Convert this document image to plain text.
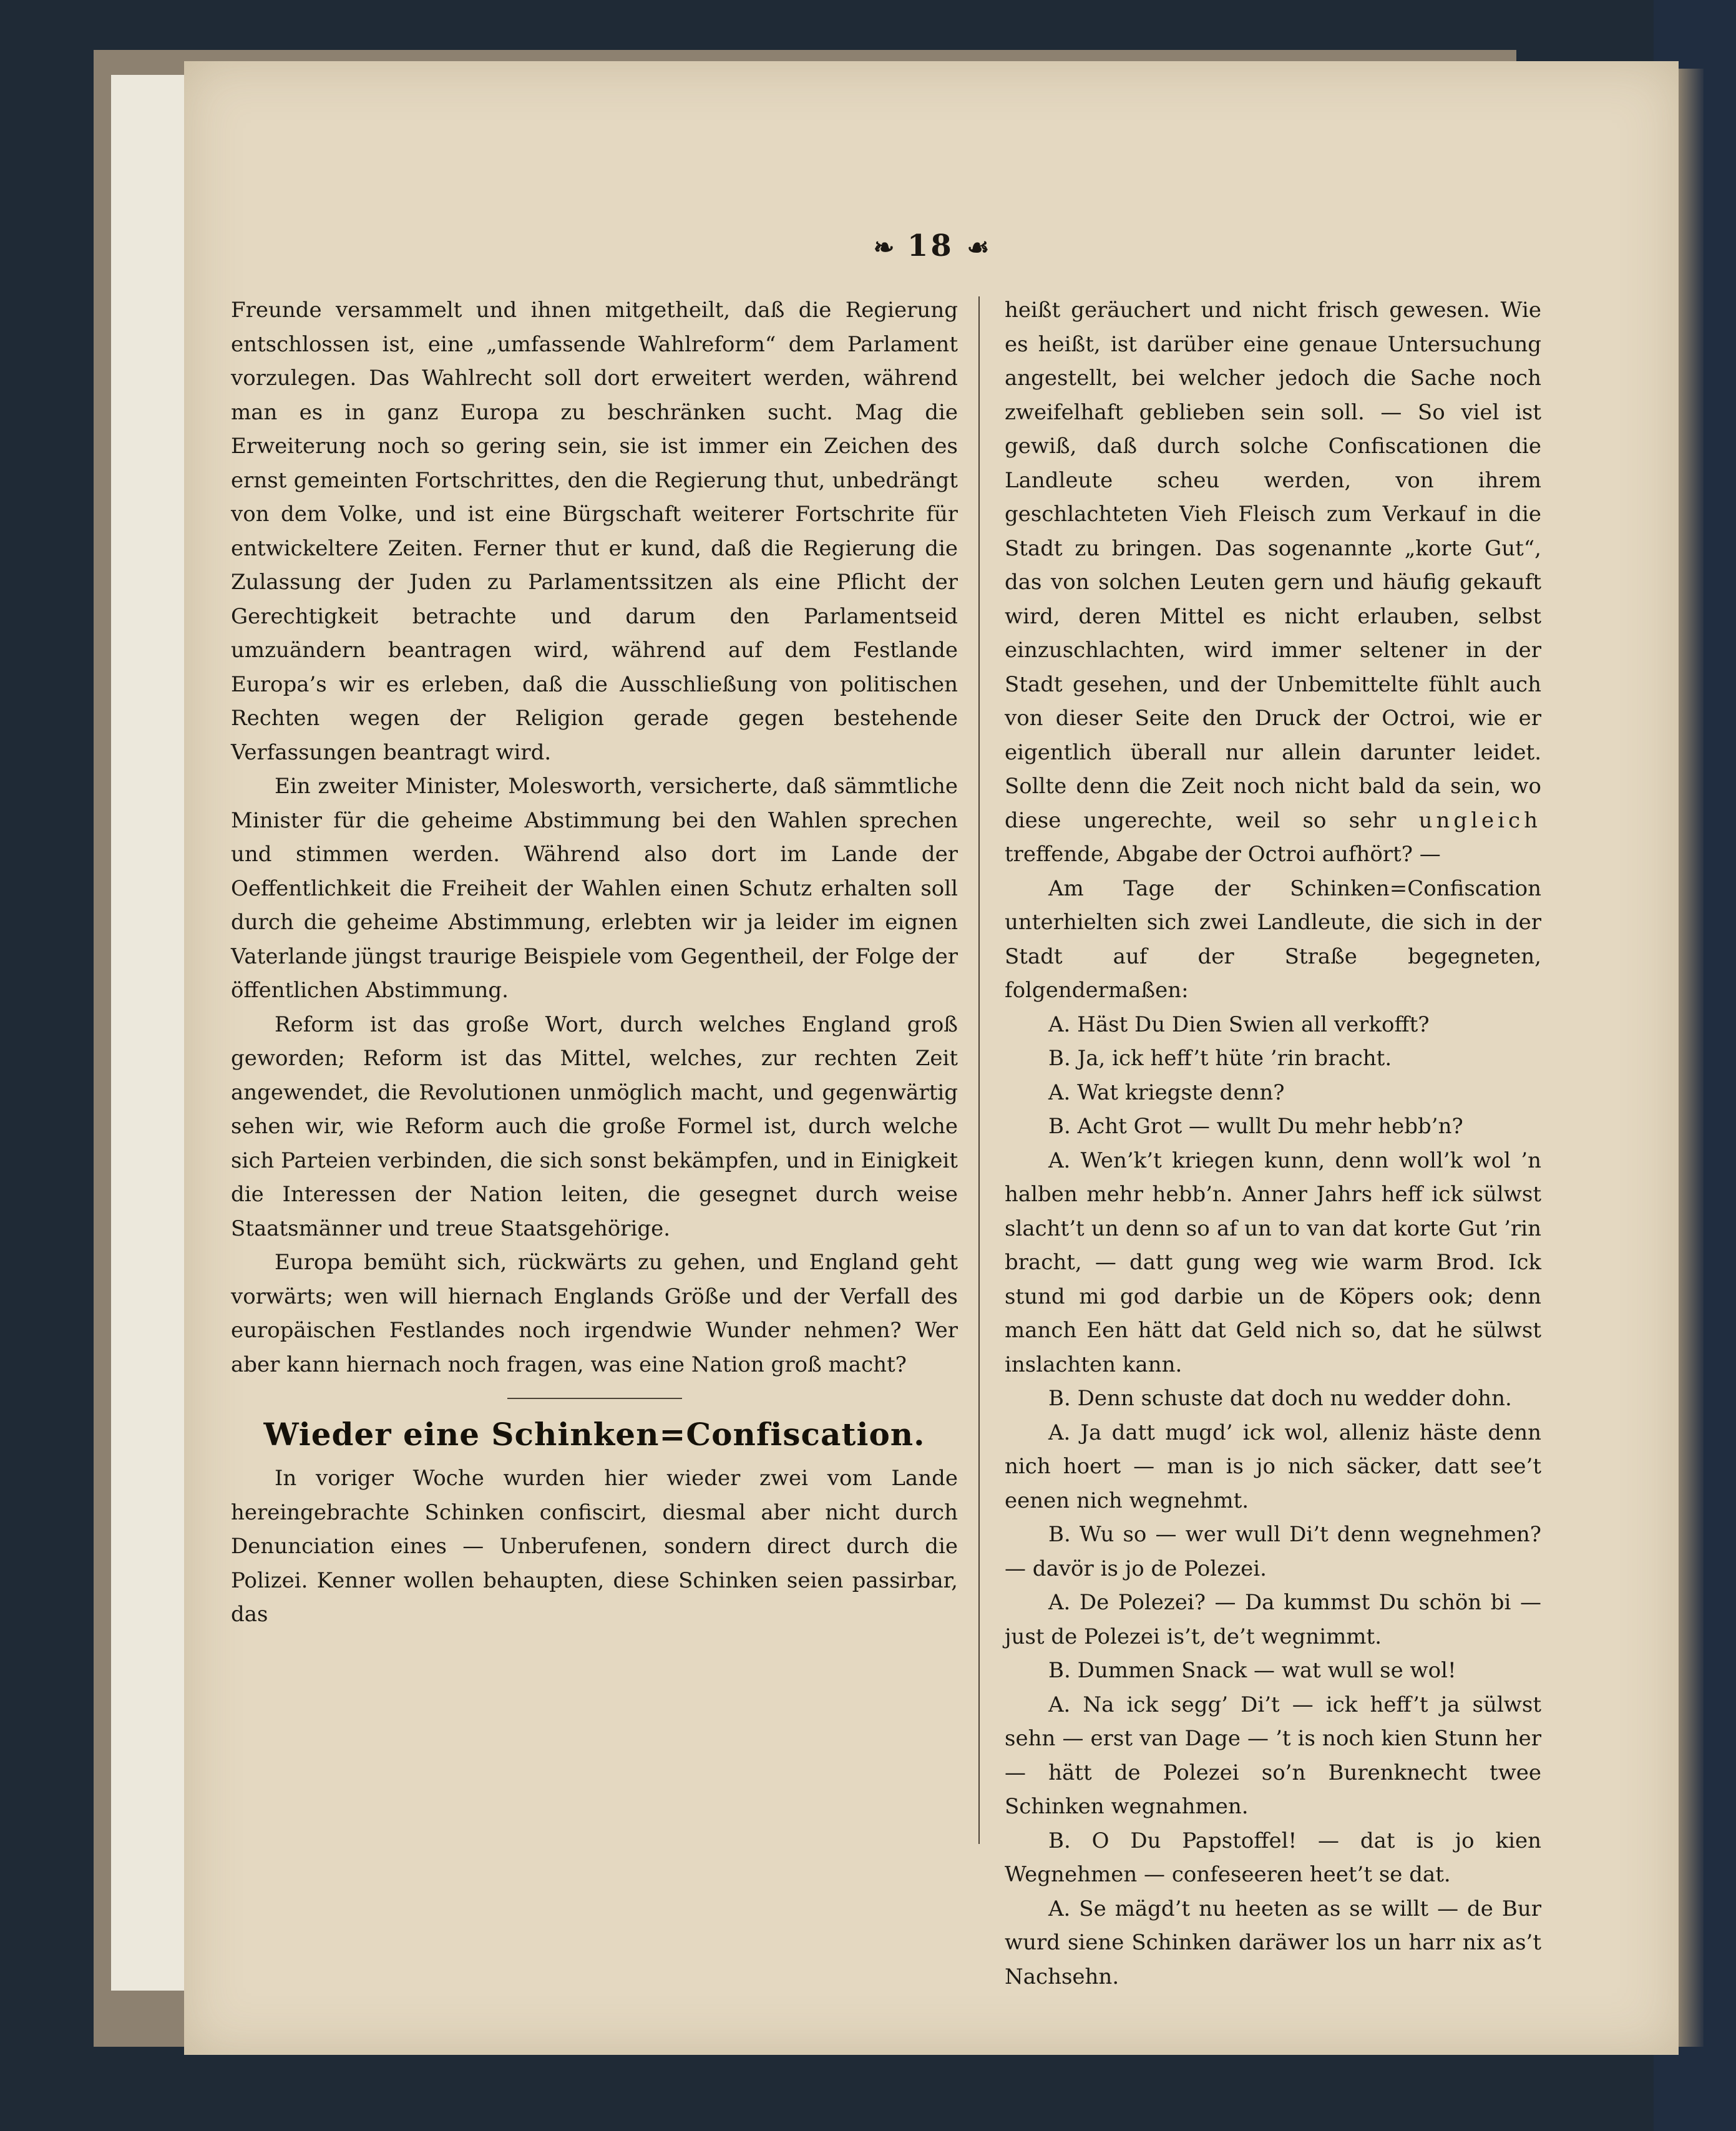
❧ 18 ☙

Freunde versammelt und ihnen mitgetheilt, daß die Regierung entschlossen ist, eine „umfassende Wahlreform“ dem Parlament vorzulegen. Das Wahlrecht soll dort erweitert werden, während man es in ganz Europa zu beschränken sucht. Mag die Erweiterung noch so gering sein, sie ist immer ein Zeichen des ernst gemeinten Fortschrittes, den die Regierung thut, unbedrängt von dem Volke, und ist eine Bürgschaft weiterer Fortschrite für entwickeltere Zeiten. Ferner thut er kund, daß die Regierung die Zulassung der Juden zu Parlamentssitzen als eine Pflicht der Gerechtigkeit betrachte und darum den Parlamentseid umzuändern beantragen wird, während auf dem Festlande Europa’s wir es erleben, daß die Ausschließung von politischen Rechten wegen der Religion gerade gegen bestehende Verfassungen beantragt wird.

Ein zweiter Minister, Molesworth, versicherte, daß sämmtliche Minister für die geheime Abstimmung bei den Wahlen sprechen und stimmen werden. Während also dort im Lande der Oeffentlichkeit die Freiheit der Wahlen einen Schutz erhalten soll durch die geheime Abstimmung, erlebten wir ja leider im eignen Vaterlande jüngst traurige Beispiele vom Gegentheil, der Folge der öffentlichen Abstimmung.

Reform ist das große Wort, durch welches England groß geworden; Reform ist das Mittel, welches, zur rechten Zeit angewendet, die Revolutionen unmöglich macht, und gegenwärtig sehen wir, wie Reform auch die große Formel ist, durch welche sich Parteien verbinden, die sich sonst bekämpfen, und in Einigkeit die Interessen der Nation leiten, die gesegnet durch weise Staatsmänner und treue Staatsgehörige.

Europa bemüht sich, rückwärts zu gehen, und England geht vorwärts; wen will hiernach Englands Größe und der Verfall des europäischen Festlandes noch irgendwie Wunder nehmen? Wer aber kann hiernach noch fragen, was eine Nation groß macht?

Wieder eine Schinken=Confiscation.

In voriger Woche wurden hier wieder zwei vom Lande hereingebrachte Schinken confiscirt, diesmal aber nicht durch Denunciation eines — Unberufenen, sondern direct durch die Polizei. Kenner wollen behaupten, diese Schinken seien passirbar, das

heißt geräuchert und nicht frisch gewesen. Wie es heißt, ist darüber eine genaue Untersuchung angestellt, bei welcher jedoch die Sache noch zweifelhaft geblieben sein soll. — So viel ist gewiß, daß durch solche Confiscationen die Landleute scheu werden, von ihrem geschlachteten Vieh Fleisch zum Verkauf in die Stadt zu bringen. Das sogenannte „korte Gut“, das von solchen Leuten gern und häufig gekauft wird, deren Mittel es nicht erlauben, selbst einzuschlachten, wird immer seltener in der Stadt gesehen, und der Unbemittelte fühlt auch von dieser Seite den Druck der Octroi, wie er eigentlich überall nur allein darunter leidet. Sollte denn die Zeit noch nicht bald da sein, wo diese ungerechte, weil so sehr ungleich treffende, Abgabe der Octroi aufhört? —

Am Tage der Schinken=Confiscation unterhielten sich zwei Landleute, die sich in der Stadt auf der Straße begegneten, folgendermaßen:

A. Häst Du Dien Swien all verkofft?

B. Ja, ick heff’t hüte ’rin bracht.

A. Wat kriegste denn?

B. Acht Grot — wullt Du mehr hebb’n?

A. Wen’k’t kriegen kunn, denn woll’k wol ’n halben mehr hebb’n. Anner Jahrs heff ick sülwst slacht’t un denn so af un to van dat korte Gut ’rin bracht, — datt gung weg wie warm Brod. Ick stund mi god darbie un de Köpers ook; denn manch Een hätt dat Geld nich so, dat he sülwst inslachten kann.

B. Denn schuste dat doch nu wedder dohn.

A. Ja datt mugd’ ick wol, alleniz häste denn nich hoert — man is jo nich säcker, datt see’t eenen nich wegnehmt.

B. Wu so — wer wull Di’t denn wegnehmen? — davör is jo de Polezei.

A. De Polezei? — Da kummst Du schön bi — just de Polezei is’t, de’t wegnimmt.

B. Dummen Snack — wat wull se wol!

A. Na ick segg’ Di’t — ick heff’t ja sülwst sehn — erst van Dage — ’t is noch kien Stunn her — hätt de Polezei so’n Burenknecht twee Schinken wegnahmen.

B. O Du Papstoffel! — dat is jo kien Wegnehmen — confeseeren heet’t se dat.

A. Se mägd’t nu heeten as se willt — de Bur wurd siene Schinken daräwer los un harr nix as’t Nachsehn.
